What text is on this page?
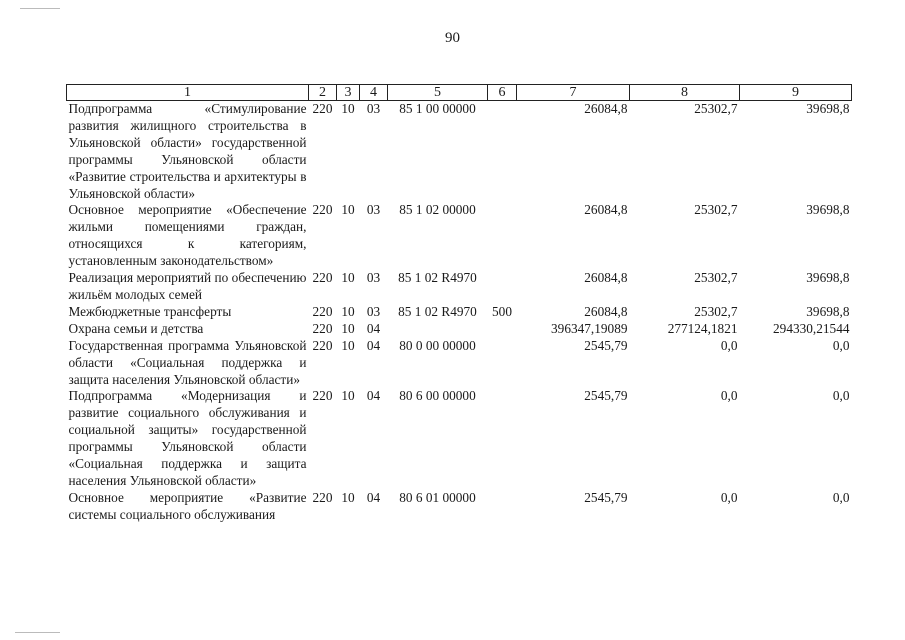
90
1	2	3	4	5	6	7	8	9
Подпрограмма «Стимулирование развития жилищного строительства в Ульяновской области» государственной программы Ульяновской области «Развитие строительства и архитектуры в Ульяновской области»	220	10	03	85 1 00 00000		26084,8	25302,7	39698,8
Основное мероприятие «Обеспечение жильми помещениями граждан, относящихся к категориям, установленным законодательством»	220	10	03	85 1 02 00000		26084,8	25302,7	39698,8
Реализация мероприятий по обеспечению жильём молодых семей	220	10	03	85 1 02 R4970		26084,8	25302,7	39698,8
Межбюджетные трансферты	220	10	03	85 1 02 R4970	500	26084,8	25302,7	39698,8
Охрана семьи и детства	220	10	04			396347,19089	277124,1821	294330,21544
Государственная программа Ульяновской области «Социальная поддержка и защита населения Ульяновской области»	220	10	04	80 0 00 00000		2545,79	0,0	0,0
Подпрограмма «Модернизация и развитие социального обслуживания и социальной защиты» государственной программы Ульяновской области «Социальная поддержка и защита населения Ульяновской области»	220	10	04	80 6 00 00000		2545,79	0,0	0,0
Основное мероприятие «Развитие системы социального обслуживания	220	10	04	80 6 01 00000		2545,79	0,0	0,0
